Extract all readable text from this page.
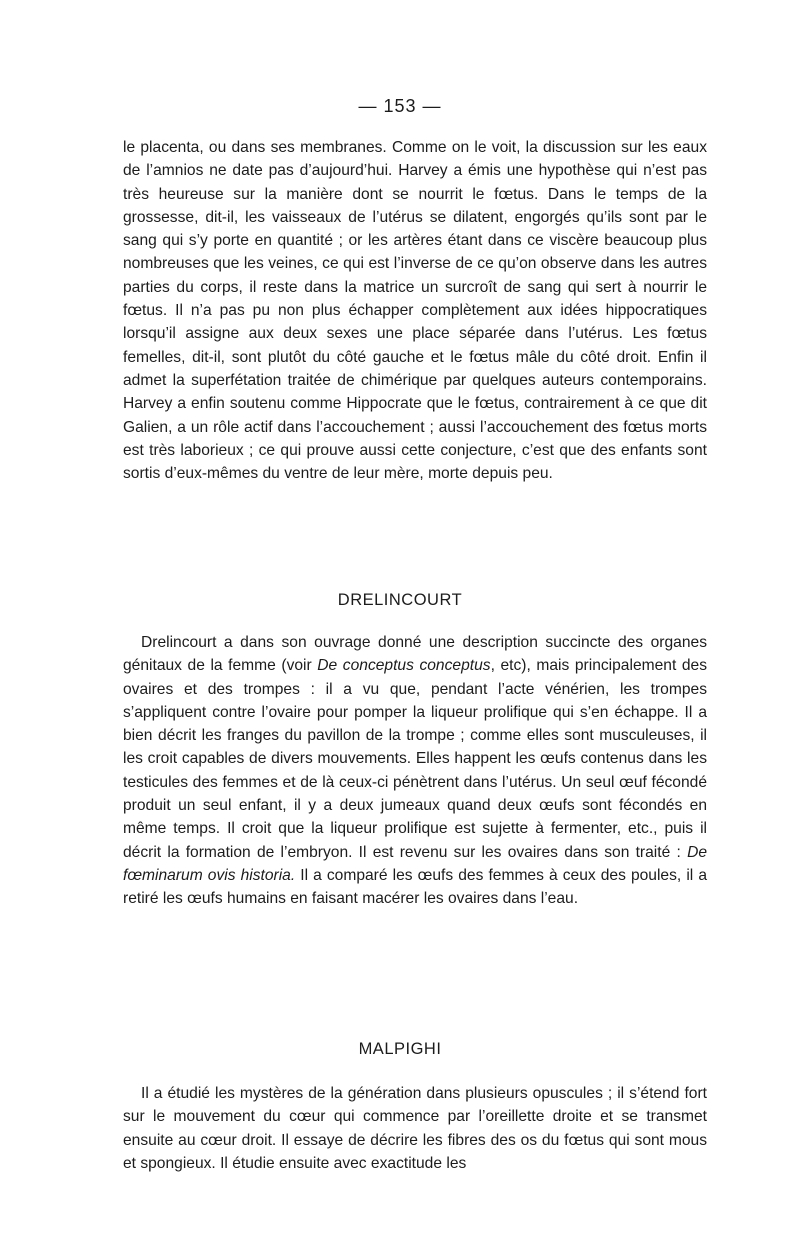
— 153 —

le placenta, ou dans ses membranes. Comme on le voit, la discussion sur les eaux de l’amnios ne date pas d’aujourd’hui. Harvey a émis une hypothèse qui n’est pas très heureuse sur la manière dont se nourrit le fœtus. Dans le temps de la grossesse, dit-il, les vaisseaux de l’utérus se dilatent, engorgés qu’ils sont par le sang qui s’y porte en quantité ; or les artères étant dans ce viscère beaucoup plus nombreuses que les veines, ce qui est l’inverse de ce qu’on observe dans les autres parties du corps, il reste dans la matrice un surcroît de sang qui sert à nourrir le fœtus. Il n’a pas pu non plus échapper complètement aux idées hippocratiques lorsqu’il assigne aux deux sexes une place séparée dans l’utérus. Les fœtus femelles, dit-il, sont plutôt du côté gauche et le fœtus mâle du côté droit. Enfin il admet la superfétation traitée de chimérique par quelques auteurs contemporains. Harvey a enfin soutenu comme Hippocrate que le fœtus, contrairement à ce que dit Galien, a un rôle actif dans l’accouchement ; aussi l’accouchement des fœtus morts est très laborieux ; ce qui prouve aussi cette conjecture, c’est que des enfants sont sortis d’eux-mêmes du ventre de leur mère, morte depuis peu.

DRELINCOURT

Drelincourt a dans son ouvrage donné une description succincte des organes génitaux de la femme (voir De conceptus conceptus, etc), mais principalement des ovaires et des trompes : il a vu que, pendant l’acte vénérien, les trompes s’appliquent contre l’ovaire pour pomper la liqueur prolifique qui s’en échappe. Il a bien décrit les franges du pavillon de la trompe ; comme elles sont musculeuses, il les croit capables de divers mouvements. Elles happent les œufs contenus dans les testicules des femmes et de là ceux-ci pénètrent dans l’utérus. Un seul œuf fécondé produit un seul enfant, il y a deux jumeaux quand deux œufs sont fécondés en même temps. Il croit que la liqueur prolifique est sujette à fermenter, etc., puis il décrit la formation de l’embryon. Il est revenu sur les ovaires dans son traité : De fœminarum ovis historia. Il a comparé les œufs des femmes à ceux des poules, il a retiré les œufs humains en faisant macérer les ovaires dans l’eau.

MALPIGHI

Il a étudié les mystères de la génération dans plusieurs opuscules ; il s’étend fort sur le mouvement du cœur qui commence par l’oreillette droite et se transmet ensuite au cœur droit. Il essaye de décrire les fibres des os du fœtus qui sont mous et spongieux. Il étudie ensuite avec exactitude les
